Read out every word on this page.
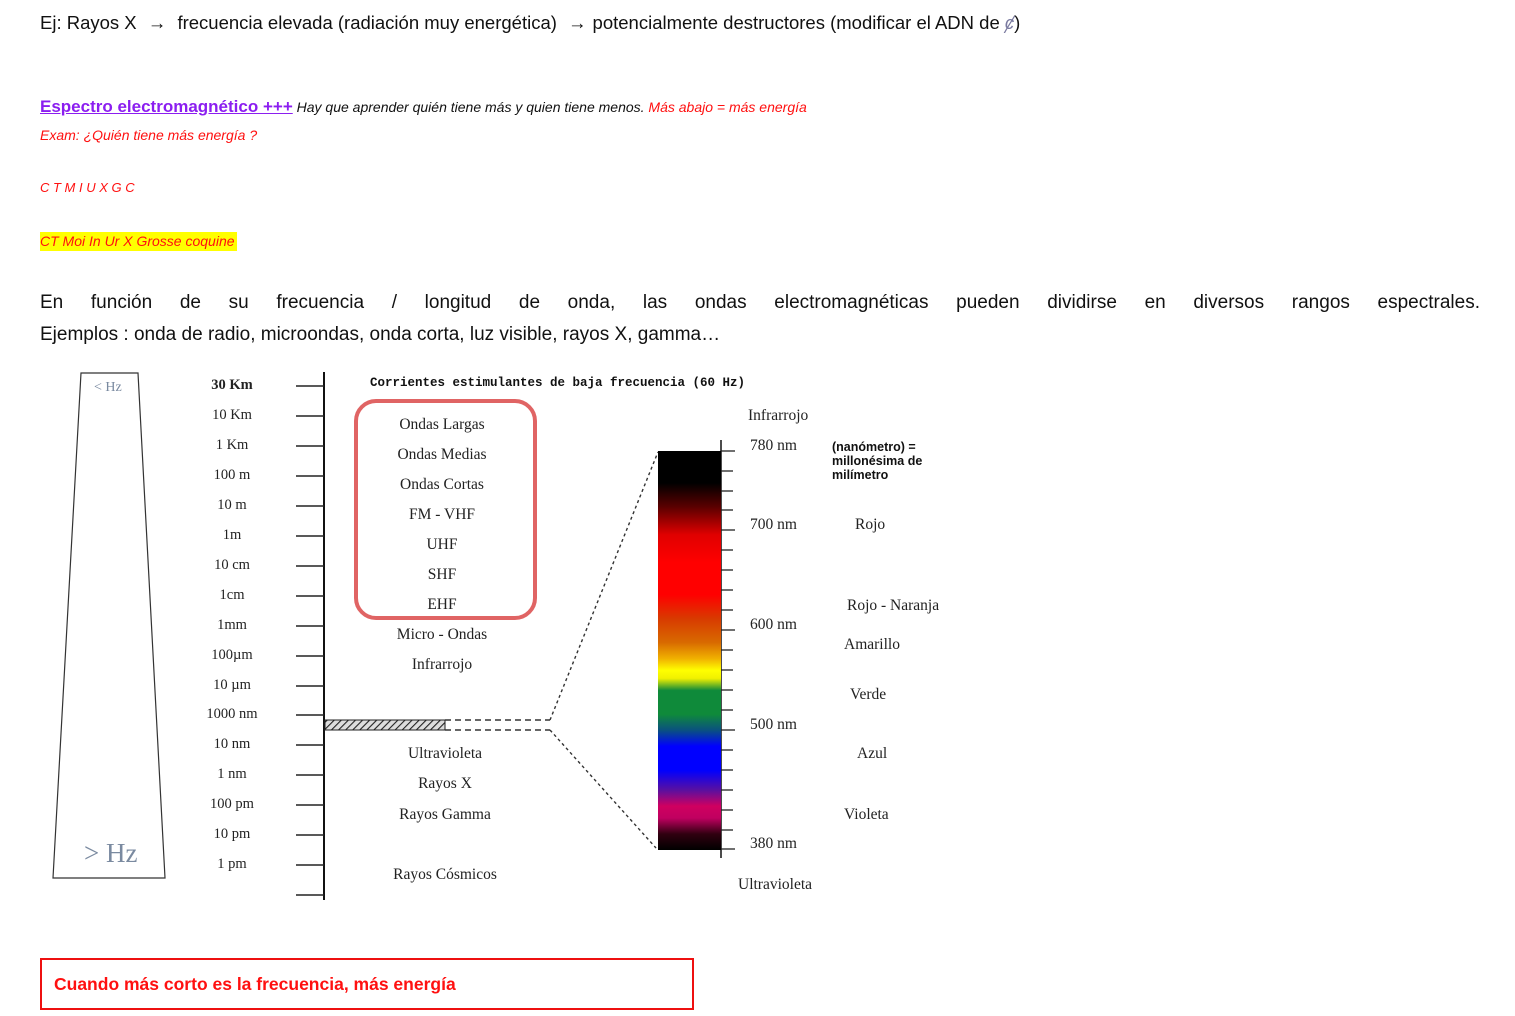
Ej: Rayos X → frecuencia elevada (radiación muy energética) → potencialmente destructores (modificar el ADN de ȼ)
Espectro electromagnético +++ Hay que aprender quién tiene más y quien tiene menos. Más abajo = más energía
Exam: ¿Quién tiene más energía ?
C T M I U X G C
CT Moi In Ur X Grosse coquine
En función de su frecuencia / longitud de onda, las ondas electromagnéticas pueden dividirse en diversos rangos espectrales.
Ejemplos : onda de radio, microondas, onda corta, luz visible, rayos X, gamma…
< Hz
> Hz
30 Km
10 Km
1 Km
100 m
10 m
1m
10 cm
1cm
1mm
100µm
10 µm
1000 nm
10 nm
1 nm
100 pm
10 pm
1 pm
Corrientes estimulantes de baja frecuencia (60 Hz)
Ondas Largas
Ondas Medias
Ondas Cortas
FM - VHF
UHF
SHF
EHF
Micro - Ondas
Infrarrojo
Ultravioleta
Rayos X
Rayos Gamma
Rayos Cósmicos
Infrarrojo
780 nm	(nanómetro) =
millonésima de
milímetro
700 nm
600 nm
500 nm
380 nm
Ultravioleta
Rojo
Rojo - Naranja
Amarillo
Verde
Azul
Violeta
Cuando más corto es la frecuencia, más energía
